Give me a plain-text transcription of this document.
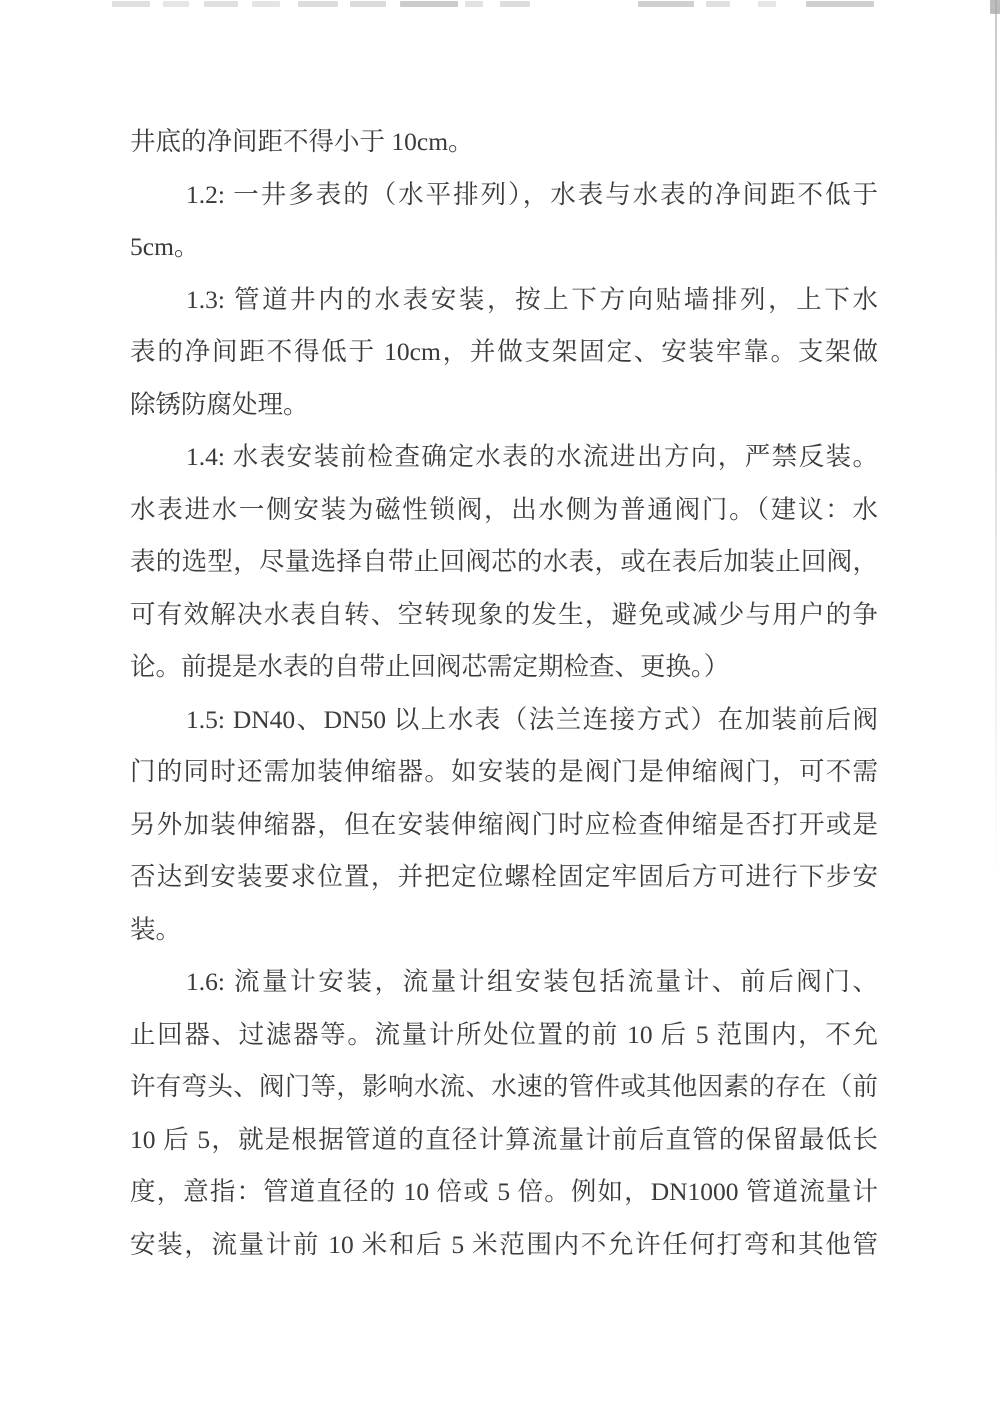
井底的净间距不得小于 10cm。
1.2: 一井多表的（水平排列），水表与水表的净间距不低于
5cm。
1.3: 管道井内的水表安装，按上下方向贴墙排列，上下水
表的净间距不得低于 10cm，并做支架固定、安装牢靠。支架做
除锈防腐处理。
1.4: 水表安装前检查确定水表的水流进出方向，严禁反装。
水表进水一侧安装为磁性锁阀，出水侧为普通阀门。（建议：水
表的选型，尽量选择自带止回阀芯的水表，或在表后加装止回阀，
可有效解决水表自转、空转现象的发生，避免或减少与用户的争
论。前提是水表的自带止回阀芯需定期检查、更换。）
1.5: DN40、DN50 以上水表（法兰连接方式）在加装前后阀
门的同时还需加装伸缩器。如安装的是阀门是伸缩阀门，可不需
另外加装伸缩器，但在安装伸缩阀门时应检查伸缩是否打开或是
否达到安装要求位置，并把定位螺栓固定牢固后方可进行下步安
装。
1.6: 流量计安装，流量计组安装包括流量计、前后阀门、
止回器、过滤器等。流量计所处位置的前 10 后 5 范围内，不允
许有弯头、阀门等，影响水流、水速的管件或其他因素的存在（前
10 后 5，就是根据管道的直径计算流量计前后直管的保留最低长
度，意指：管道直径的 10 倍或 5 倍。例如，DN1000 管道流量计
安装，流量计前 10 米和后 5 米范围内不允许任何打弯和其他管
